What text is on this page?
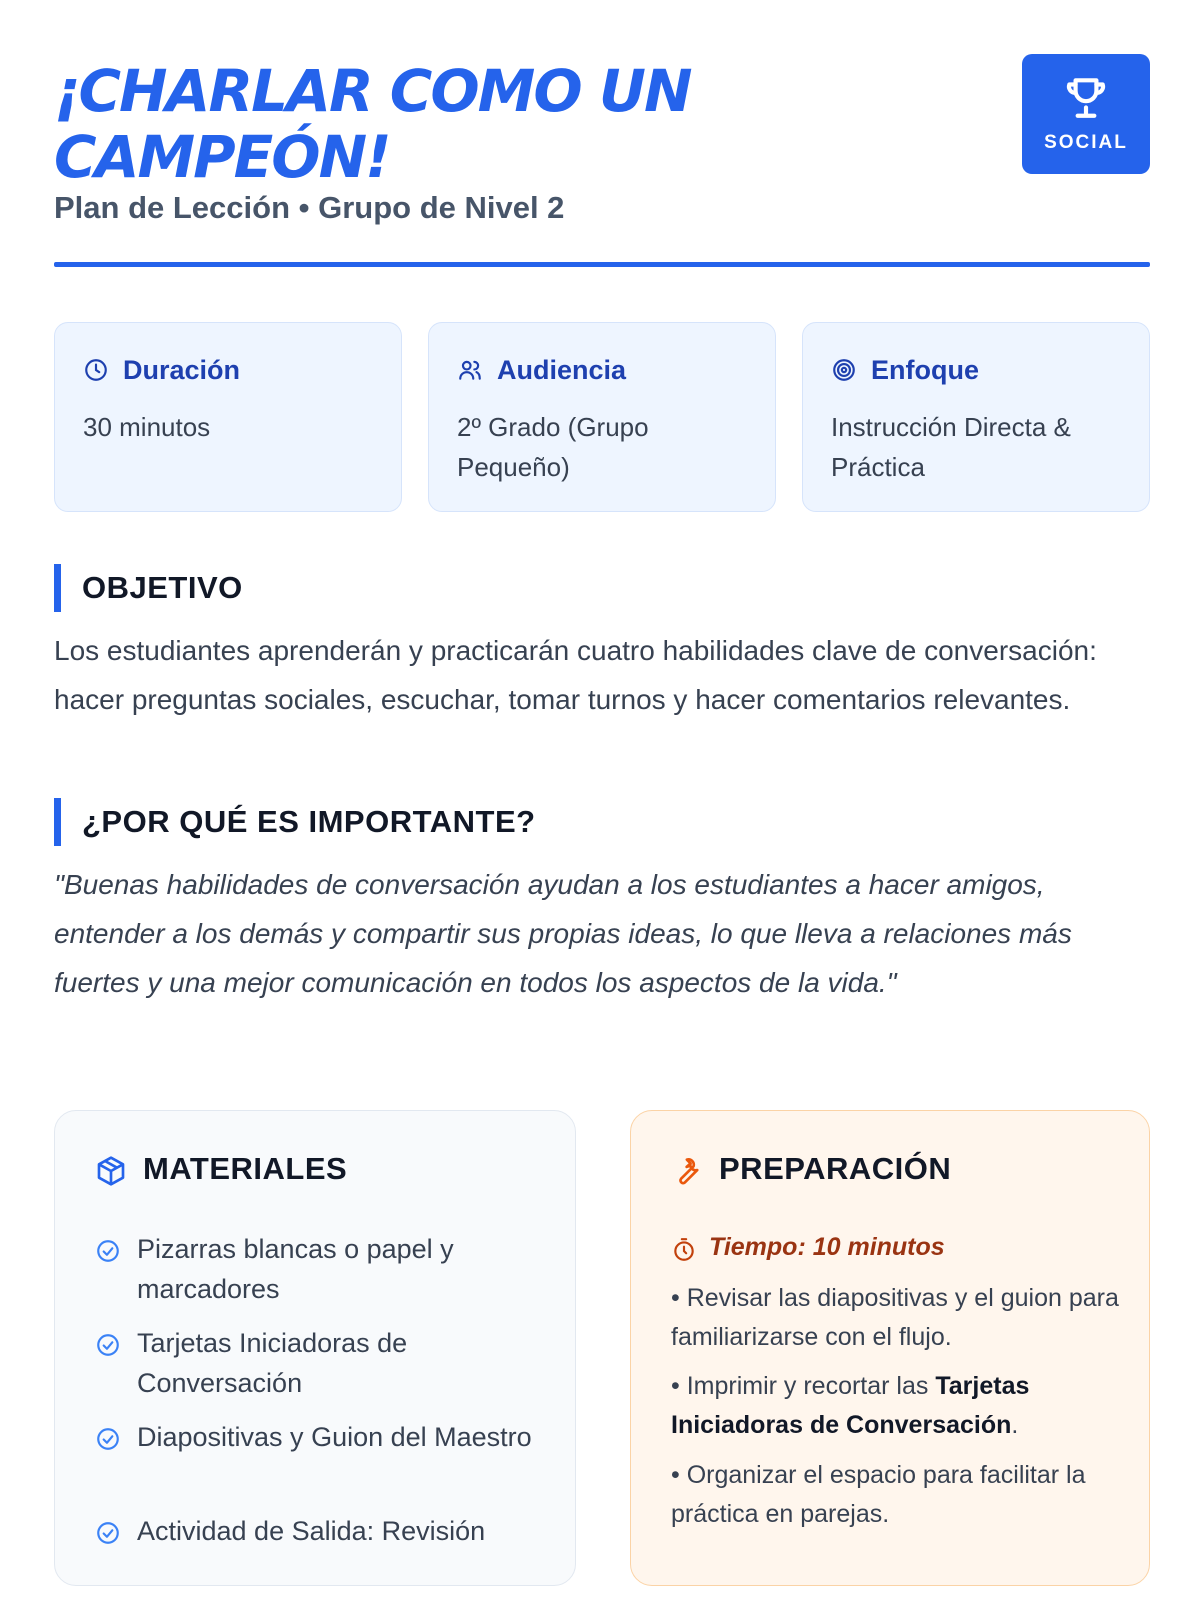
¡CHARLAR COMO UN CAMPEÓN!
Plan de Lección • Grupo de Nivel 2
SOCIAL
Duración
30 minutos
Audiencia
2º Grado (Grupo Pequeño)
Enfoque
Instrucción Directa & Práctica
OBJETIVO
Los estudiantes aprenderán y practicarán cuatro habilidades clave de conversación: hacer preguntas sociales, escuchar, tomar turnos y hacer comentarios relevantes.
¿POR QUÉ ES IMPORTANTE?
"Buenas habilidades de conversación ayudan a los estudiantes a hacer amigos, entender a los demás y compartir sus propias ideas, lo que lleva a relaciones más fuertes y una mejor comunicación en todos los aspectos de la vida."
MATERIALES
Pizarras blancas o papel y marcadores
Tarjetas Iniciadoras de Conversación
Diapositivas y Guion del Maestro
Actividad de Salida: Revisión
PREPARACIÓN
Tiempo: 10 minutos
• Revisar las diapositivas y el guion para familiarizarse con el flujo.
• Imprimir y recortar las Tarjetas Iniciadoras de Conversación.
• Organizar el espacio para facilitar la práctica en parejas.
